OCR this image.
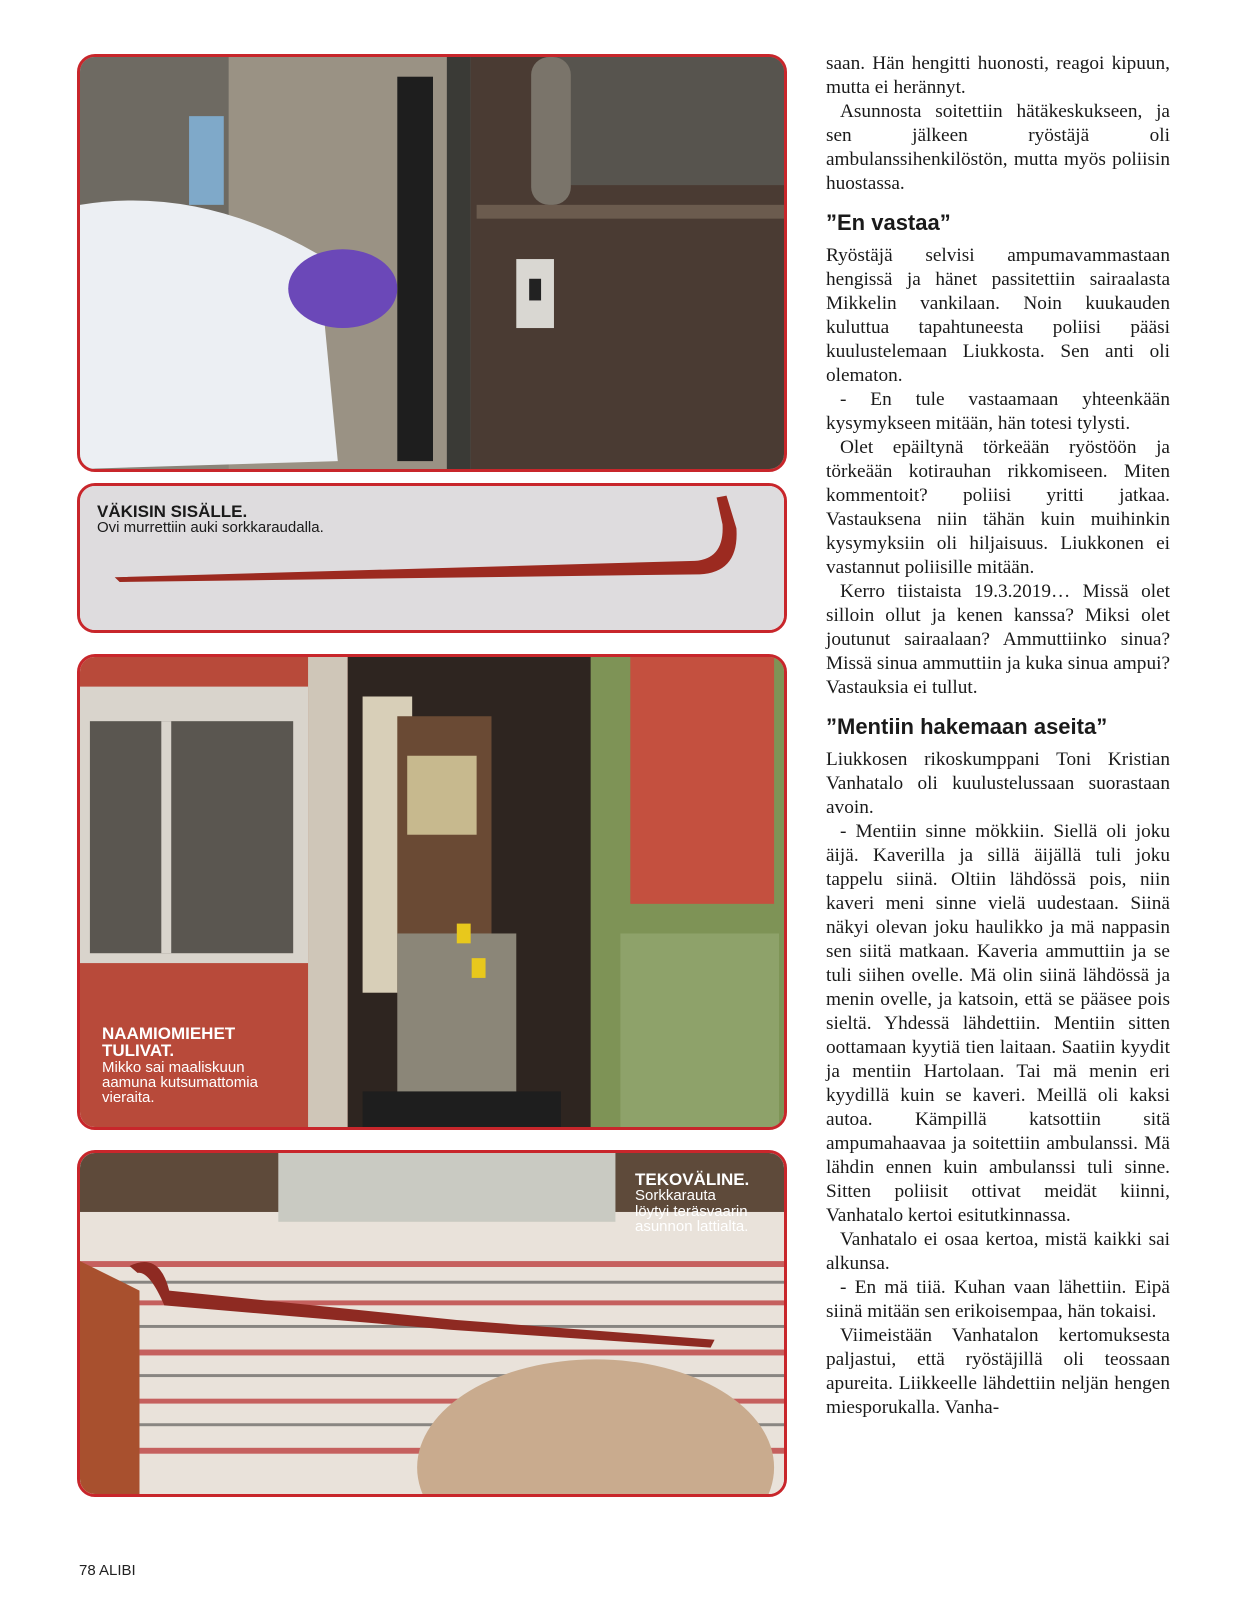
VÄKISIN SISÄLLE.
Ovi murrettiin auki sorkkaraudalla.
NAAMIOMIEHET
TULIVAT.
Mikko sai maaliskuun
aamuna kutsumattomia
vieraita.
TEKOVÄLINE.
Sorkkarauta
löytyi teräsvaarin
asunnon lattialta.

saan. Hän hengitti huonosti, reagoi kipuun, mutta ei herännyt.

Asunnosta soitettiin hätäkeskukseen, ja sen jälkeen ryöstäjä oli ambulanssihenkilöstön, mutta myös poliisin huostassa.

”En vastaa”

Ryöstäjä selvisi ampumavammastaan hengissä ja hänet passitettiin sairaalasta Mikkelin vankilaan. Noin kuukauden kuluttua tapahtuneesta poliisi pääsi kuulustelemaan Liukkosta. Sen anti oli olematon.

- En tule vastaamaan yhteenkään kysymykseen mitään, hän totesi tylysti.

Olet epäiltynä törkeään ryöstöön ja törkeään kotirauhan rikkomiseen. Miten kommentoit? poliisi yritti jatkaa. Vastauksena niin tähän kuin muihinkin kysymyksiin oli hiljaisuus. Liukkonen ei vastannut poliisille mitään.

Kerro tiistaista 19.3.2019… Missä olet silloin ollut ja kenen kanssa? Miksi olet joutunut sairaalaan? Ammuttiinko sinua? Missä sinua ammuttiin ja kuka sinua ampui? Vastauksia ei tullut.

”Mentiin hakemaan aseita”

Liukkosen rikoskumppani Toni Kristian Vanhatalo oli kuulustelussaan suorastaan avoin.

- Mentiin sinne mökkiin. Siellä oli joku äijä. Kaverilla ja sillä äijällä tuli joku tappelu siinä. Oltiin lähdössä pois, niin kaveri meni sinne vielä uudestaan. Siinä näkyi olevan joku haulikko ja mä nappasin sen siitä matkaan. Kaveria ammuttiin ja se tuli siihen ovelle. Mä olin siinä lähdössä ja menin ovelle, ja katsoin, että se pääsee pois sieltä. Yhdessä lähdettiin. Mentiin sitten oottamaan kyytiä tien laitaan. Saatiin kyydit ja mentiin Hartolaan. Tai mä menin eri kyydillä kuin se kaveri. Meillä oli kaksi autoa. Kämpillä katsottiin sitä ampumahaavaa ja soitettiin ambulanssi. Mä lähdin ennen kuin ambulanssi tuli sinne. Sitten poliisit ottivat meidät kiinni, Vanhatalo kertoi esitutkinnassa.

Vanhatalo ei osaa kertoa, mistä kaikki sai alkunsa.

- En mä tiiä. Kuhan vaan lähettiin. Eipä siinä mitään sen erikoisempaa, hän tokaisi.

Viimeistään Vanhatalon kertomuksesta paljastui, että ryöstäjillä oli teossaan apureita. Liikkeelle lähdettiin neljän hengen miesporukalla. Vanha-

78 ALIBI
